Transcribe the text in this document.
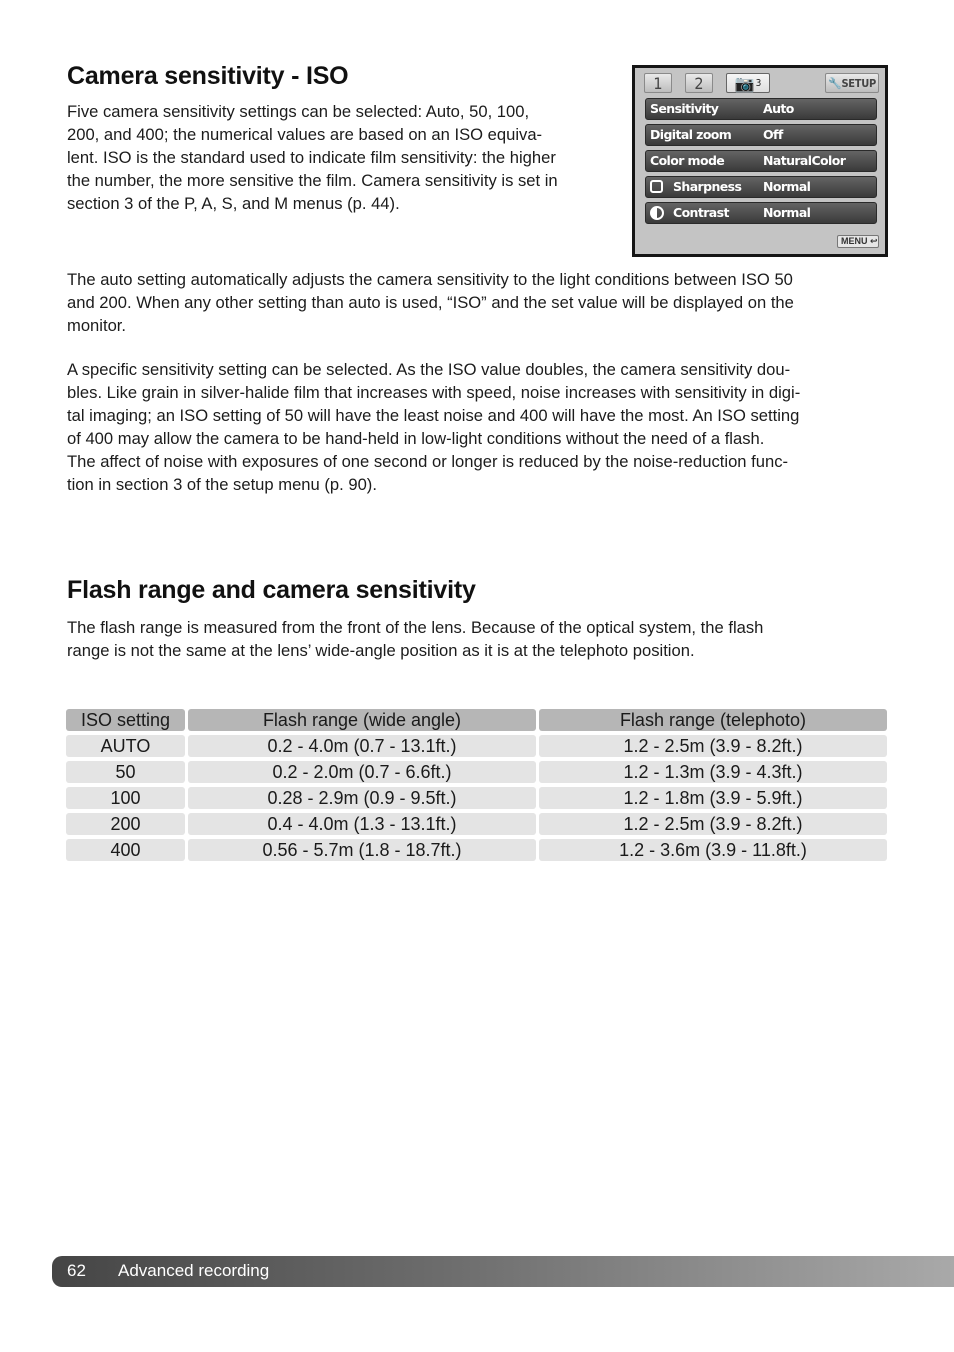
Camera sensitivity - ISO

Five camera sensitivity settings can be selected: Auto, 50, 100,
200, and 400; the numerical values are based on an ISO equiva-
lent. ISO is the standard used to indicate film sensitivity: the higher
the number, the more sensitive the film. Camera sensitivity is set in
section 3 of the P, A, S, and M menus (p. 44).

1	2	📷$^3$	🔧SETUP
Sensitivity	Auto
Digital zoom	Off
Color mode	NaturalColor
Sharpness Normal
Contrast	Normal
MENU ↩

The auto setting automatically adjusts the camera sensitivity to the light conditions between ISO 50
and 200. When any other setting than auto is used, “ISO” and the set value will be displayed on the
monitor.

A specific sensitivity setting can be selected. As the ISO value doubles, the camera sensitivity dou-
bles. Like grain in silver-halide film that increases with speed, noise increases with sensitivity in digi-
tal imaging; an ISO setting of 50 will have the least noise and 400 will have the most. An ISO setting
of 400 may allow the camera to be hand-held in low-light conditions without the need of a flash.
The affect of noise with exposures of one second or longer is reduced by the noise-reduction func-
tion in section 3 of the setup menu (p. 90).

Flash range and camera sensitivity

The flash range is measured from the front of the lens. Because of the optical system, the flash
range is not the same at the lens’ wide-angle position as it is at the telephoto position.

ISO setting	Flash range (wide angle)	Flash range (telephoto)
AUTO	0.2 - 4.0m (0.7 - 13.1ft.)	1.2 - 2.5m (3.9 - 8.2ft.)
50	0.2 - 2.0m (0.7 - 6.6ft.)	1.2 - 1.3m (3.9 - 4.3ft.)
100	0.28 - 2.9m (0.9 - 9.5ft.)	1.2 - 1.8m (3.9 - 5.9ft.)
200	0.4 - 4.0m (1.3 - 13.1ft.)	1.2 - 2.5m (3.9 - 8.2ft.)
400	0.56 - 5.7m (1.8 - 18.7ft.)	1.2 - 3.6m (3.9 - 11.8ft.)
62 Advanced recording
